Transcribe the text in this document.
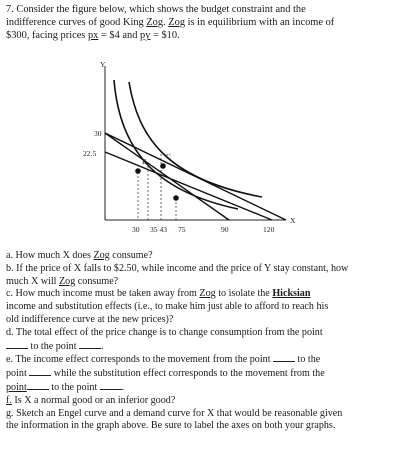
7. Consider the figure below, which shows the budget constraint and the
indifference curves of good King Zog. Zog is in equilibrium with an income of
$300, facing prices px = $4 and py = $10.
Y
X
30
22.5
E
C
30 35 43 75	90	120
a. How much X does Zog consume?
b. If the price of X falls to $2.50, while income and the price of Y stay constant, how
much X will Zog consume?
c. How much income must be taken away from Zog to isolate the Hicksian
income and substitution effects (i.e., to make him just able to afford to reach his
old indifference curve at the new prices)?
d. The total effect of the price change is to change consumption from the point
to the point .
e. The income effect corresponds to the movement from the point  to the
point  while the substitution effect corresponds to the movement from the
point to the point .
f. Is X a normal good or an inferior good?
g. Sketch an Engel curve and a demand curve for X that would be reasonable given
the information in the graph above. Be sure to label the axes on both your graphs.
